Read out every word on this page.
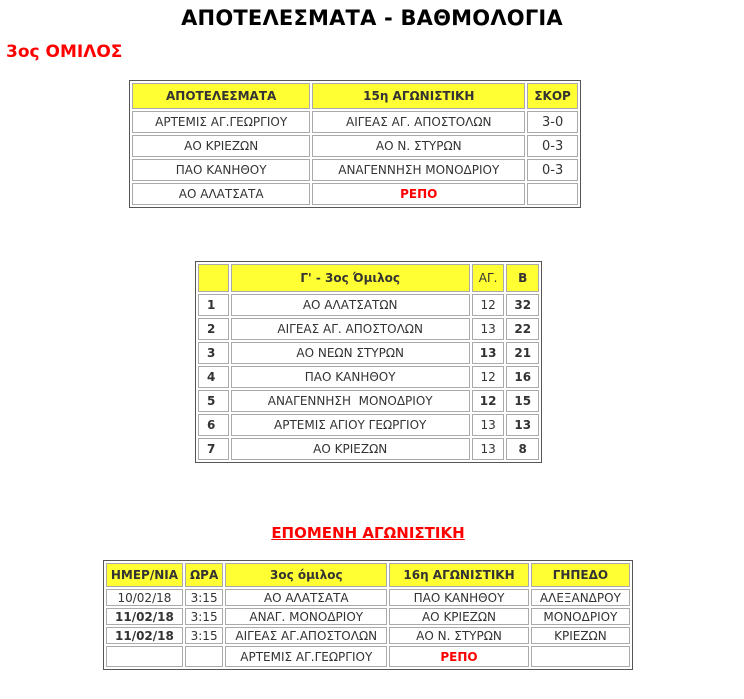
ΑΠΟΤΕΛΕΣΜΑΤΑ - ΒΑΘΜΟΛΟΓΙΑ
3ος ΟΜΙΛΟΣ
ΑΠΟΤΕΛΕΣΜΑΤΑ	15η ΑΓΩΝΙΣΤΙΚΗ	ΣΚΟΡ
ΑΡΤΕΜΙΣ ΑΓ.ΓΕΩΡΓΙΟΥ	ΑΙΓΕΑΣ ΑΓ. ΑΠΟΣΤΟΛΩΝ	3-0
ΑΟ ΚΡΙΕΖΩΝ	ΑΟ Ν. ΣΤΥΡΩΝ	0-3
ΠΑΟ ΚΑΝΗΘΟΥ	ΑΝΑΓΕΝΝΗΣΗ ΜΟΝΟΔΡΙΟΥ	0-3
ΑΟ ΑΛΑΤΣΑΤΑ	ΡΕΠΟ	
	Γ' - 3ος Όμιλος	ΑΓ.	Β
1	ΑΟ ΑΛΑΤΣΑΤΩΝ	12	32
2	ΑΙΓΕΑΣ ΑΓ. ΑΠΟΣΤΟΛΩΝ	13	22
3	ΑΟ ΝΕΩΝ ΣΤΥΡΩΝ	13	21
4	ΠΑΟ ΚΑΝΗΘΟΥ	12	16
5	ΑΝΑΓΕΝΝΗΣΗ  ΜΟΝΟΔΡΙΟΥ	12	15
6	ΑΡΤΕΜΙΣ ΑΓΙΟΥ ΓΕΩΡΓΙΟΥ	13	13
7	ΑΟ ΚΡΙΕΖΩΝ	13	8
ΕΠΟΜΕΝΗ ΑΓΩΝΙΣΤΙΚΗ
ΗΜΕΡ/ΝΙΑ	ΩΡΑ	3ος όμιλος	16η ΑΓΩΝΙΣΤΙΚΗ	ΓΗΠΕΔΟ
10/02/18	3:15	ΑΟ ΑΛΑΤΣΑΤΑ	ΠΑΟ ΚΑΝΗΘΟΥ	ΑΛΕΞΑΝΔΡΟΥ
11/02/18	3:15	ΑΝΑΓ. ΜΟΝΟΔΡΙΟΥ	ΑΟ ΚΡΙΕΖΩΝ	ΜΟΝΟΔΡΙΟΥ
11/02/18	3:15	ΑΙΓΕΑΣ ΑΓ.ΑΠΟΣΤΟΛΩΝ	ΑΟ Ν. ΣΤΥΡΩΝ	ΚΡΙΕΖΩΝ
		ΑΡΤΕΜΙΣ ΑΓ.ΓΕΩΡΓΙΟΥ	ΡΕΠΟ	
